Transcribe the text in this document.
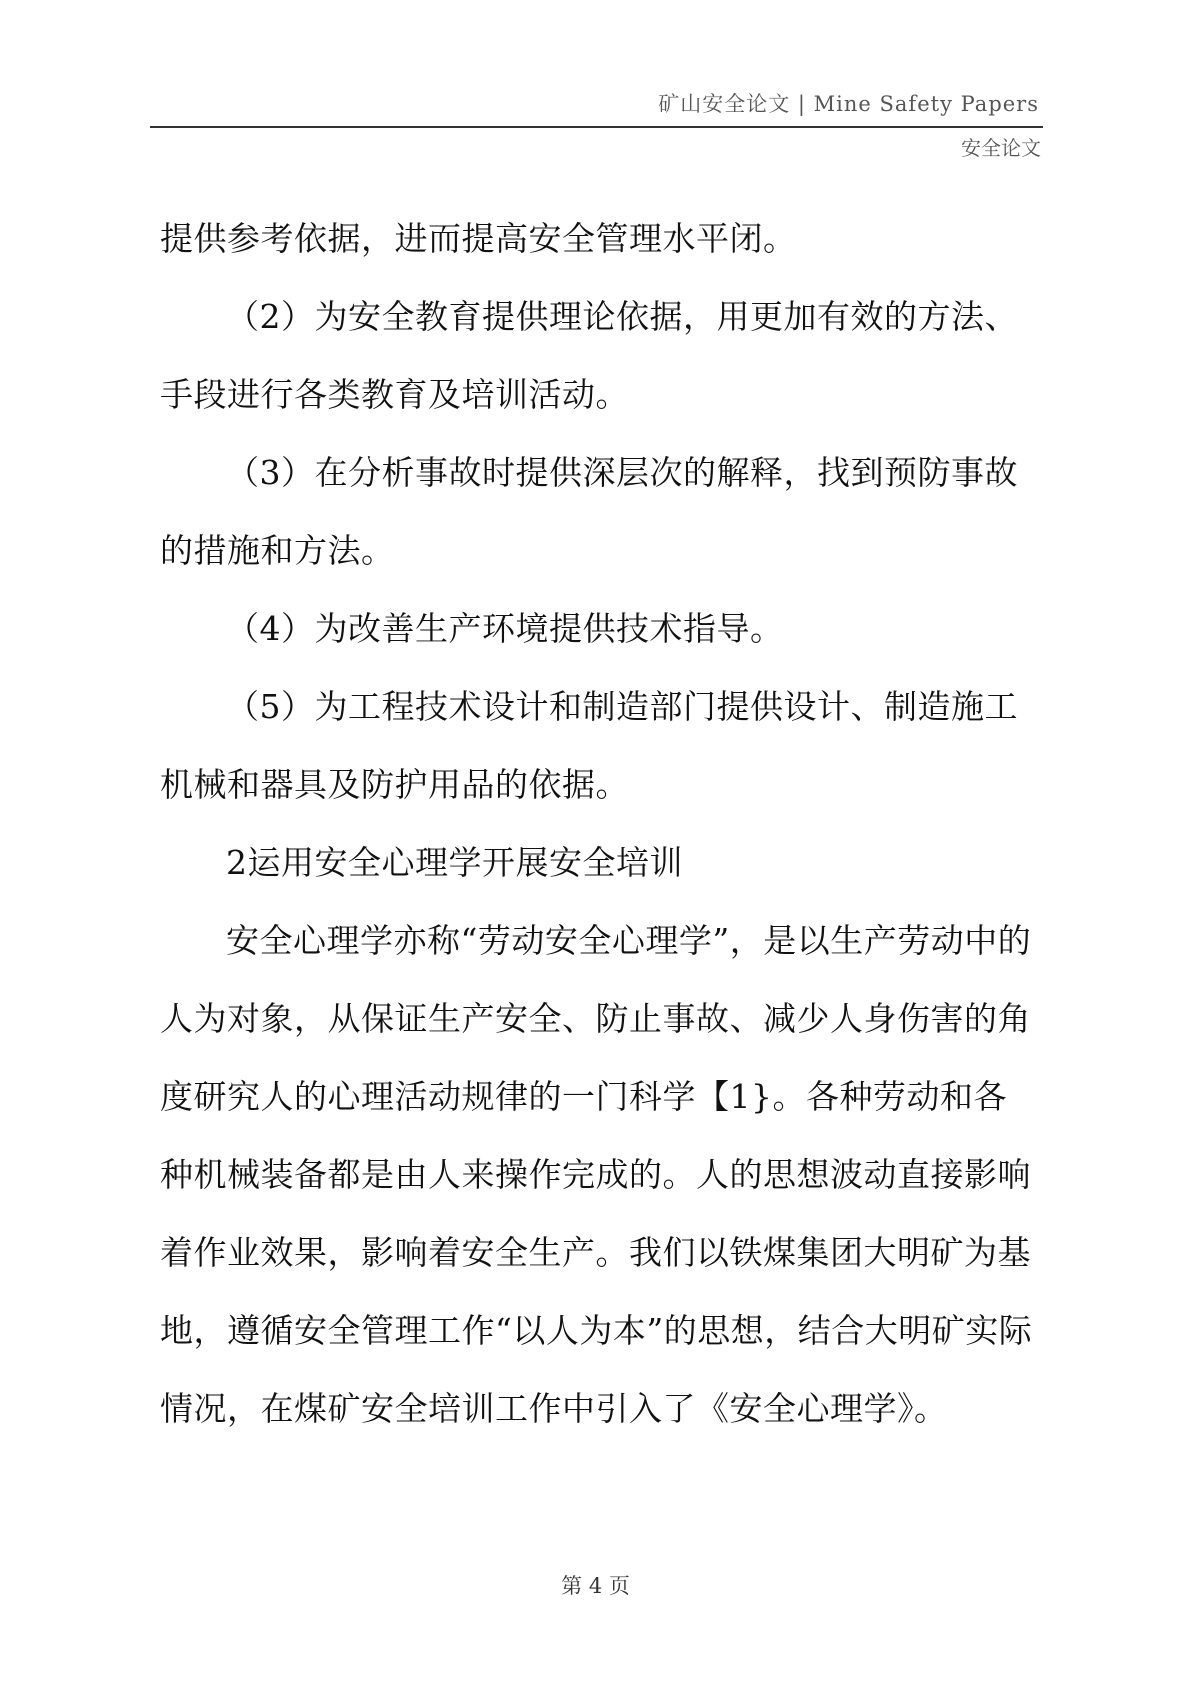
矿山安全论文 | Mine Safety Papers
安全论文

提供参考依据，进而提高安全管理水平闭。

（2）为安全教育提供理论依据，用更加有效的方法、手段进行各类教育及培训活动。

（3）在分析事故时提供深层次的解释，找到预防事故的措施和方法。

（4）为改善生产环境提供技术指导。

（5）为工程技术设计和制造部门提供设计、制造施工机械和器具及防护用品的依据。

2运用安全心理学开展安全培训

安全心理学亦称“劳动安全心理学”，是以生产劳动中的人为对象，从保证生产安全、防止事故、减少人身伤害的角度研究人的心理活动规律的一门科学【1}。各种劳动和各种机械装备都是由人来操作完成的。人的思想波动直接影响着作业效果，影响着安全生产。我们以铁煤集团大明矿为基地，遵循安全管理工作“以人为本”的思想，结合大明矿实际情况，在煤矿安全培训工作中引入了《安全心理学》。

第 4 页
